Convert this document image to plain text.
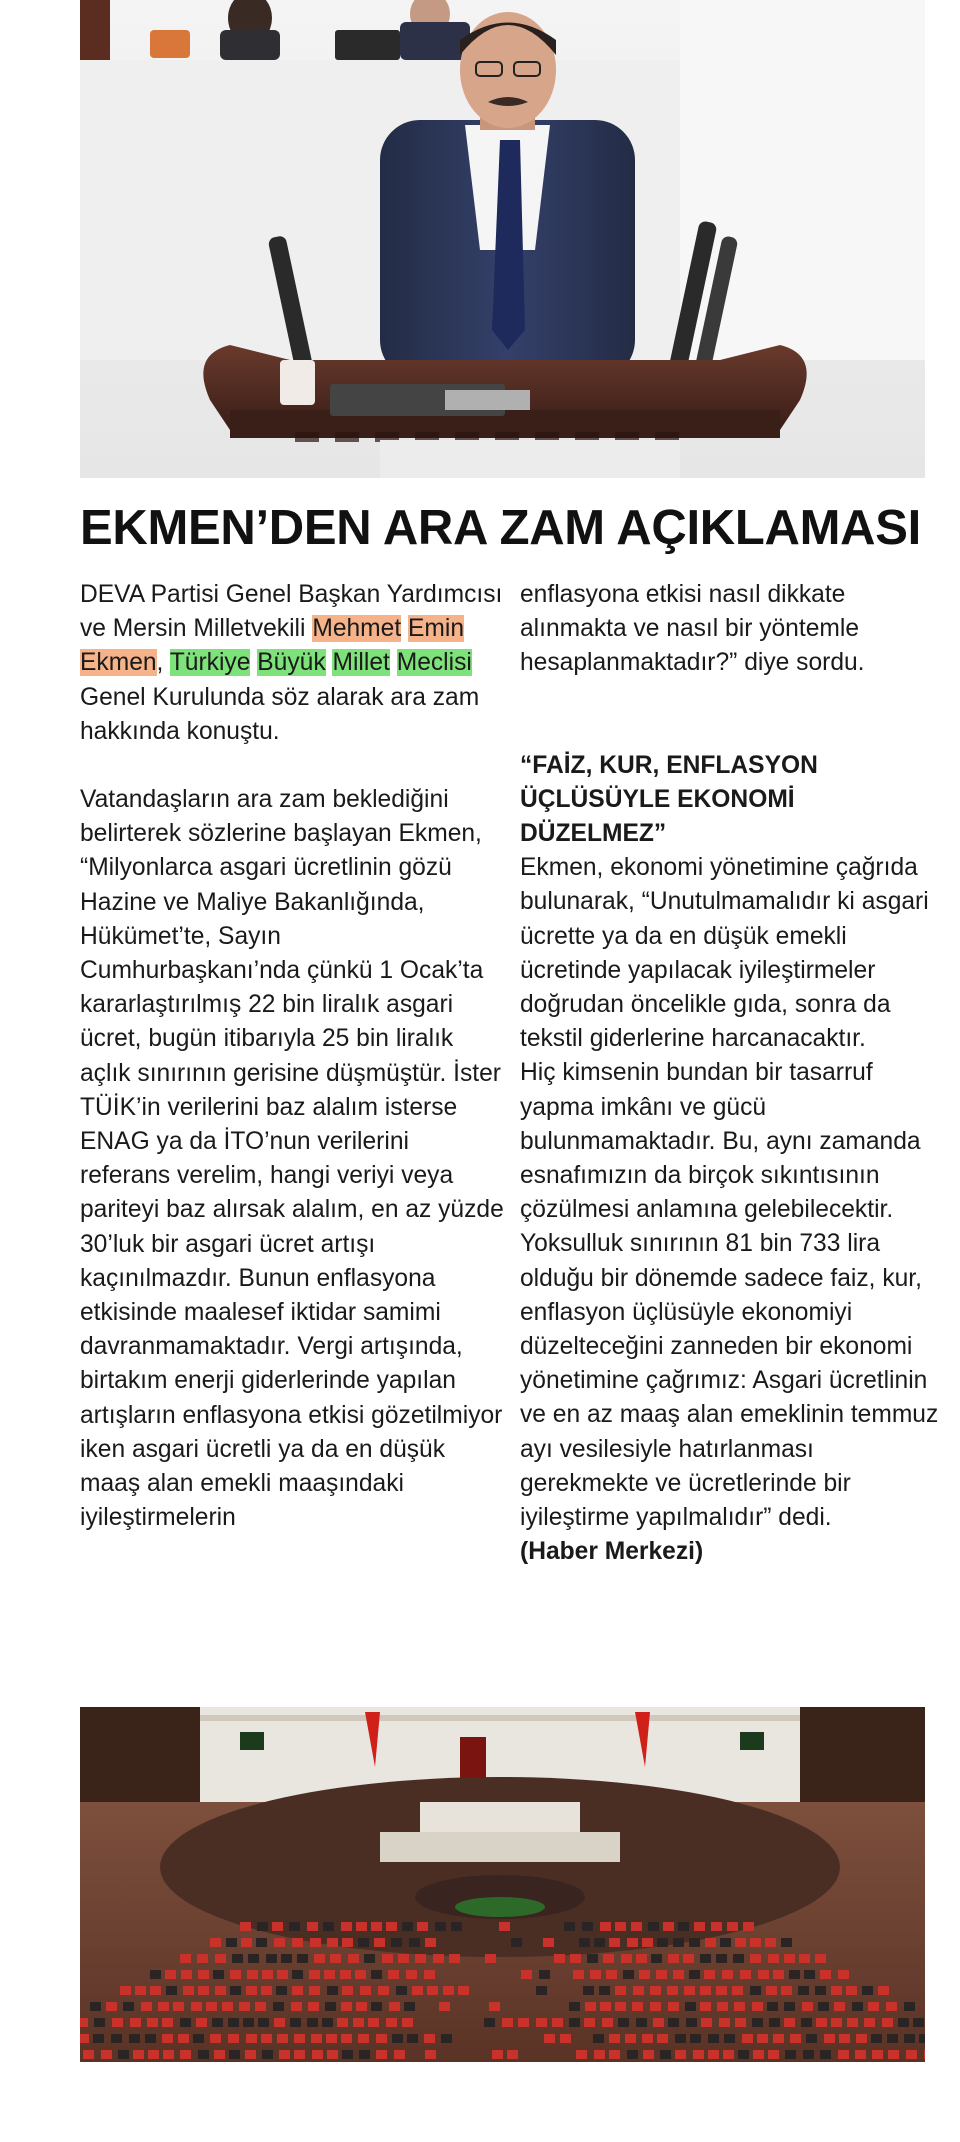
EKMEN’DEN ARA ZAM AÇIKLAMASI

DEVA Partisi Genel Başkan Yardımcısı ve Mersin Milletvekili Mehmet Emin Ekmen, Türkiye Büyük Millet Meclisi Genel Kurulunda söz alarak ara zam hakkında konuştu.

Vatandaşların ara zam beklediğini belirterek sözlerine başlayan Ekmen, “Milyonlarca asgari ücretlinin gözü Hazine ve Maliye Bakanlığında, Hükümet’te, Sayın Cumhurbaşkanı’nda çünkü 1 Ocak’ta kararlaştırılmış 22 bin liralık asgari ücret, bugün itibarıyla 25 bin liralık açlık sınırının gerisine düşmüştür. İster TÜİK’in verilerini baz alalım isterse ENAG ya da İTO’nun verilerini referans verelim, hangi veriyi veya pariteyi baz alırsak alalım, en az yüzde 30’luk bir asgari ücret artışı kaçınılmazdır. Bunun enflasyona etkisinde maalesef iktidar samimi davranmamaktadır. Vergi artışında, birtakım enerji giderlerinde yapılan artışların enflasyona etkisi gözetilmiyor iken asgari ücretli ya da en düşük maaş alan emekli maaşındaki iyileştirmelerin

enflasyona etkisi nasıl dikkate alınmakta ve nasıl bir yöntemle hesaplanmaktadır?” diye sordu.

“FAİZ, KUR, ENFLASYON ÜÇLÜSÜYLE EKONOMİ DÜZELMEZ”

Ekmen, ekonomi yönetimine çağrıda bulunarak, “Unutulmamalıdır ki asgari ücrette ya da en düşük emekli ücretinde yapılacak iyileştirmeler doğrudan öncelikle gıda, sonra da tekstil giderlerine harcanacaktır.

Hiç kimsenin bundan bir tasarruf yapma imkânı ve gücü bulunmamaktadır. Bu, aynı zamanda esnafımızın da birçok sıkıntısının çözülmesi anlamına gelebilecektir. Yoksulluk sınırının 81 bin 733 lira olduğu bir dönemde sadece faiz, kur, enflasyon üçlüsüyle ekonomiyi düzelteceğini zanneden bir ekonomi yönetimine çağrımız: Asgari ücretlinin ve en az maaş alan emeklinin temmuz ayı vesilesiyle hatırlanması gerekmekte ve ücretlerinde bir iyileştirme yapılmalıdır” dedi.

(Haber Merkezi)
